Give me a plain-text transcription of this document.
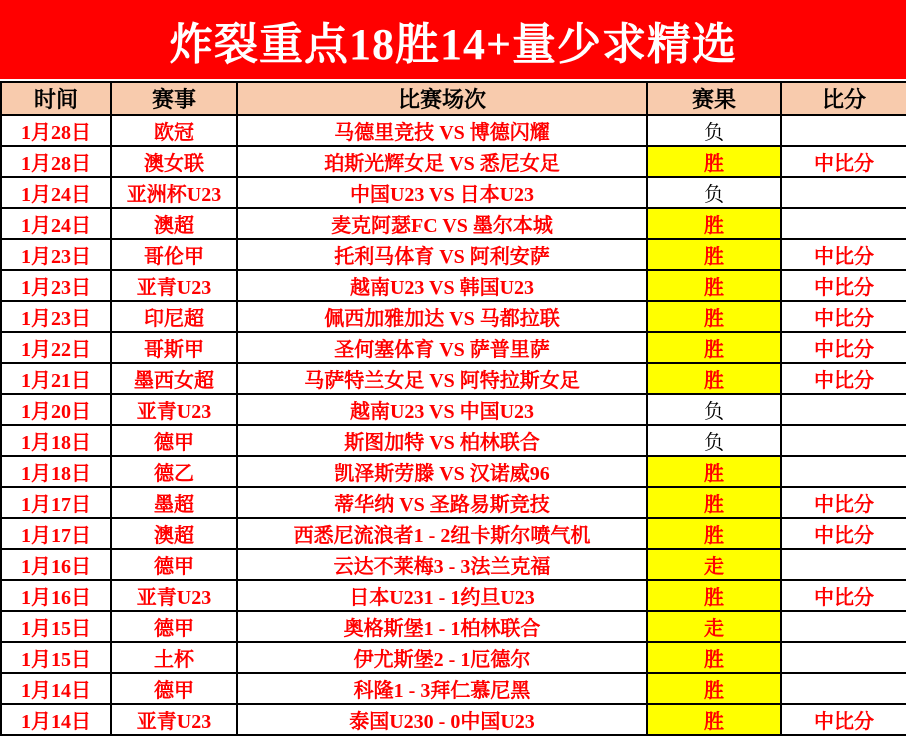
炸裂重点18胜14+量少求精选
时间	赛事	比赛场次	赛果	比分
1月28日	欧冠	马德里竞技 VS 博德闪耀	负	
1月28日	澳女联	珀斯光辉女足 VS 悉尼女足	胜	中比分
1月24日	亚洲杯U23	中国U23 VS 日本U23	负	
1月24日	澳超	麦克阿瑟FC VS 墨尔本城	胜	
1月23日	哥伦甲	托利马体育 VS 阿利安萨	胜	中比分
1月23日	亚青U23	越南U23 VS 韩国U23	胜	中比分
1月23日	印尼超	佩西加雅加达 VS 马都拉联	胜	中比分
1月22日	哥斯甲	圣何塞体育 VS 萨普里萨	胜	中比分
1月21日	墨西女超	马萨特兰女足 VS 阿特拉斯女足	胜	中比分
1月20日	亚青U23	越南U23 VS 中国U23	负	
1月18日	德甲	斯图加特 VS 柏林联合	负	
1月18日	德乙	凯泽斯劳滕 VS 汉诺威96	胜	
1月17日	墨超	蒂华纳 VS 圣路易斯竞技	胜	中比分
1月17日	澳超	西悉尼流浪者1 - 2纽卡斯尔喷气机	胜	中比分
1月16日	德甲	云达不莱梅3 - 3法兰克福	走	
1月16日	亚青U23	日本U231 - 1约旦U23	胜	中比分
1月15日	德甲	奥格斯堡1 - 1柏林联合	走	
1月15日	土杯	伊尤斯堡2 - 1厄德尔	胜	
1月14日	德甲	科隆1 - 3拜仁慕尼黑	胜	
1月14日	亚青U23	泰国U230 - 0中国U23	胜	中比分
